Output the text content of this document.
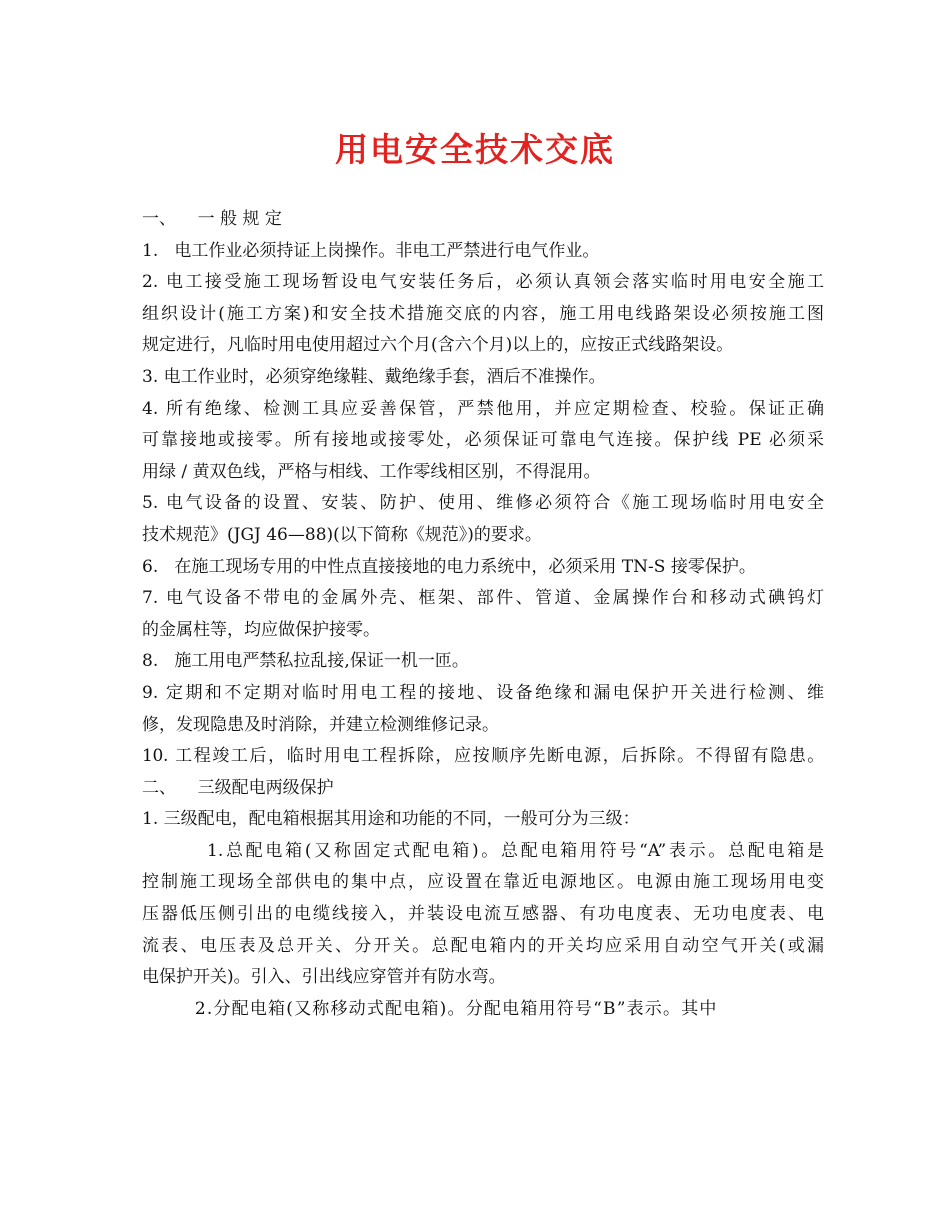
用电安全技术交底
一、    一 般 规 定
1.   电工作业必须持证上岗操作。非电工严禁进行电气作业。
2. 电工接受施工现场暂设电气安装任务后，必须认真领会落实临时用电安全施工
组织设计(施工方案)和安全技术措施交底的内容，施工用电线路架设必须按施工图
规定进行，凡临时用电使用超过六个月(含六个月)以上的，应按正式线路架设。
3. 电工作业时，必须穿绝缘鞋、戴绝缘手套，酒后不准操作。
4. 所有绝缘、检测工具应妥善保管，严禁他用，并应定期检查、校验。保证正确
可靠接地或接零。所有接地或接零处，必须保证可靠电气连接。保护线 PE 必须采
用绿 / 黄双色线，严格与相线、工作零线相区别，不得混用。
5. 电气设备的设置、安装、防护、使用、维修必须符合《施工现场临时用电安全
技术规范》(JGJ 46—88)(以下简称《规范》)的要求。
6.   在施工现场专用的中性点直接接地的电力系统中，必须采用 TN-S 接零保护。
7. 电气设备不带电的金属外壳、框架、部件、管道、金属操作台和移动式碘钨灯
的金属柱等，均应做保护接零。
8.   施工用电严禁私拉乱接,保证一机一匝。
9. 定期和不定期对临时用电工程的接地、设备绝缘和漏电保护开关进行检测、维
修，发现隐患及时消除，并建立检测维修记录。
10. 工程竣工后，临时用电工程拆除，应按顺序先断电源，后拆除。不得留有隐患。
二、    三级配电两级保护
1. 三级配电，配电箱根据其用途和功能的不同，一般可分为三级：
1.总配电箱(又称固定式配电箱)。总配电箱用符号“A”表示。总配电箱是
控制施工现场全部供电的集中点，应设置在靠近电源地区。电源由施工现场用电变
压器低压侧引出的电缆线接入，并装设电流互感器、有功电度表、无功电度表、电
流表、电压表及总开关、分开关。总配电箱内的开关均应采用自动空气开关(或漏
电保护开关)。引入、引出线应穿管并有防水弯。
2.分配电箱(又称移动式配电箱)。分配电箱用符号“B”表示。其中
